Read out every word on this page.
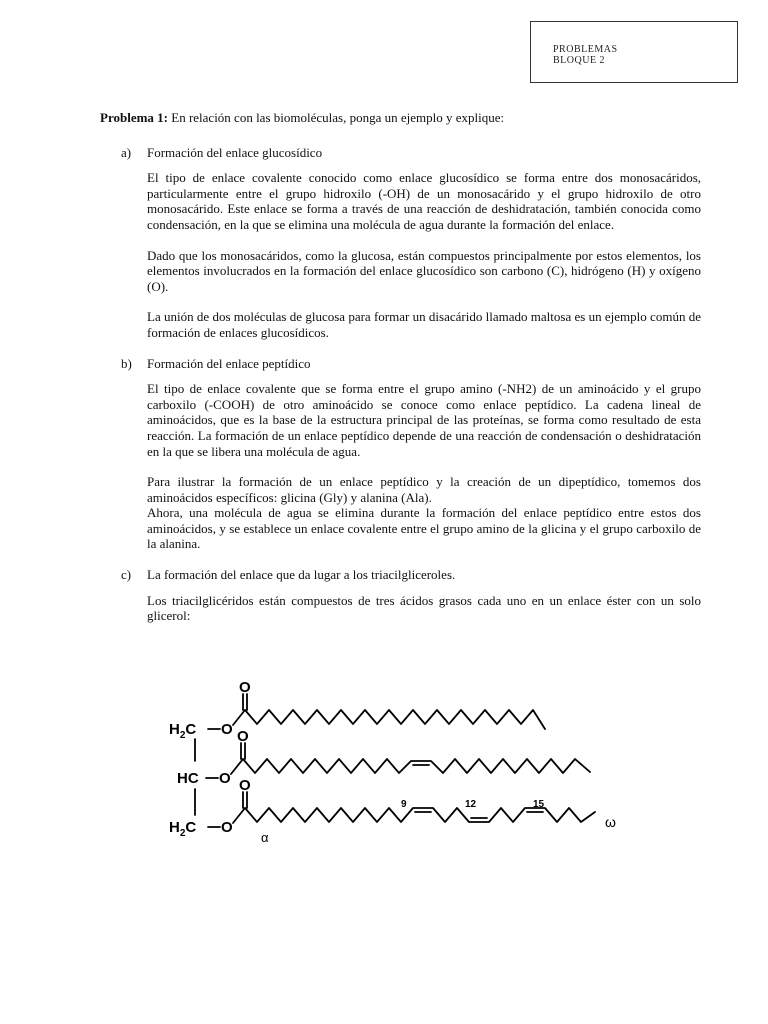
PROBLEMAS
BLOQUE 2

Problema 1: En relación con las biomoléculas, ponga un ejemplo y explique:

a) Formación del enlace glucosídico

El tipo de enlace covalente conocido como enlace glucosídico se forma entre dos monosacáridos, particularmente entre el grupo hidroxilo (-OH) de un monosacárido y el grupo hidroxilo de otro monosacárido. Este enlace se forma a través de una reacción de deshidratación, también conocida como condensación, en la que se elimina una molécula de agua durante la formación del enlace.

Dado que los monosacáridos, como la glucosa, están compuestos principalmente por estos elementos, los elementos involucrados en la formación del enlace glucosídico son carbono (C), hidrógeno (H) y oxígeno (O).

La unión de dos moléculas de glucosa para formar un disacárido llamado maltosa es un ejemplo común de formación de enlaces glucosídicos.

b) Formación del enlace peptídico

El tipo de enlace covalente que se forma entre el grupo amino (-NH2) de un aminoácido y el grupo carboxilo (-COOH) de otro aminoácido se conoce como enlace peptídico. La cadena lineal de aminoácidos, que es la base de la estructura principal de las proteínas, se forma como resultado de esta reacción. La formación de un enlace peptídico depende de una reacción de condensación o deshidratación en la que se libera una molécula de agua.

Para ilustrar la formación de un enlace peptídico y la creación de un dipeptídico, tomemos dos aminoácidos específicos: glicina (Gly) y alanina (Ala).

Ahora, una molécula de agua se elimina durante la formación del enlace peptídico entre estos dos aminoácidos, y se establece un enlace covalente entre el grupo amino de la glicina y el grupo carboxilo de la alanina.

c) La formación del enlace que da lugar a los triacilgliceroles.

Los triacilglicéridos están compuestos de tres ácidos grasos cada uno en un enlace éster con un solo glicerol:

O
O
O
O
O
O
$H_2C$
HC
$H_2C$
9	12	15
α
ω
